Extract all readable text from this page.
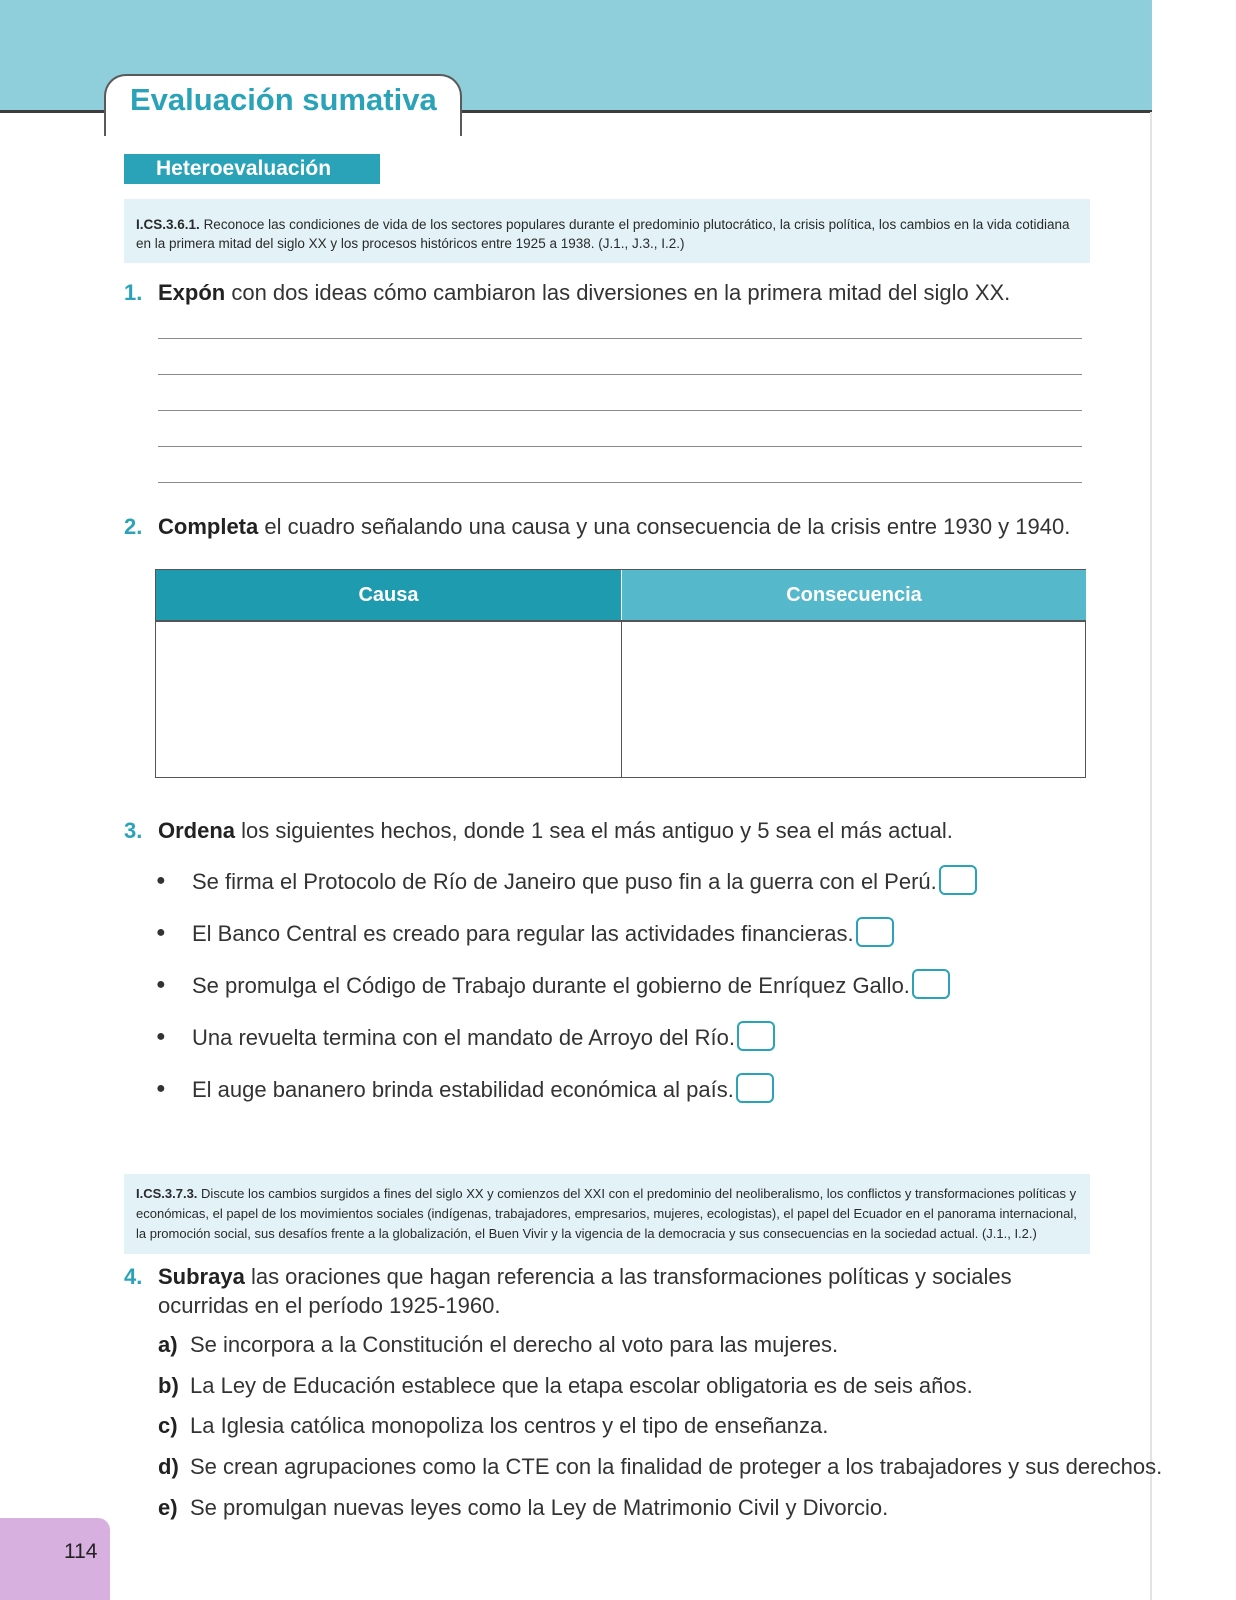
Evaluación sumativa
Heteroevaluación
I.CS.3.6.1. Reconoce las condiciones de vida de los sectores populares durante el predominio plutocrático, la crisis política, los cambios en la vida cotidiana en la primera mitad del siglo XX y los procesos históricos entre 1925 a 1938. (J.1., J.3., I.2.)
1. Expón con dos ideas cómo cambiaron las diversiones en la primera mitad del siglo XX.
2. Completa el cuadro señalando una causa y una consecuencia de la crisis entre 1930 y 1940.
Causa	Consecuencia
3. Ordena los siguientes hechos, donde 1 sea el más antiguo y 5 sea el más actual.
● Se firma el Protocolo de Río de Janeiro que puso fin a la guerra con el Perú.
● El Banco Central es creado para regular las actividades financieras.
● Se promulga el Código de Trabajo durante el gobierno de Enríquez Gallo.
● Una revuelta termina con el mandato de Arroyo del Río.
● El auge bananero brinda estabilidad económica al país.
I.CS.3.7.3. Discute los cambios surgidos a fines del siglo XX y comienzos del XXI con el predominio del neoliberalismo, los conflictos y transformaciones políticas y económicas, el papel de los movimientos sociales (indígenas, trabajadores, empresarios, mujeres, ecologistas), el papel del Ecuador en el panorama internacional, la promoción social, sus desafíos frente a la globalización, el Buen Vivir y la vigencia de la democracia y sus consecuencias en la sociedad actual. (J.1., I.2.)
4. Subraya las oraciones que hagan referencia a las transformaciones políticas y sociales ocurridas en el período 1925-1960.
a) Se incorpora a la Constitución el derecho al voto para las mujeres.
b) La Ley de Educación establece que la etapa escolar obligatoria es de seis años.
c) La Iglesia católica monopoliza los centros y el tipo de enseñanza.
d) Se crean agrupaciones como la CTE con la finalidad de proteger a los trabajadores y sus derechos.
e) Se promulgan nuevas leyes como la Ley de Matrimonio Civil y Divorcio.
114
